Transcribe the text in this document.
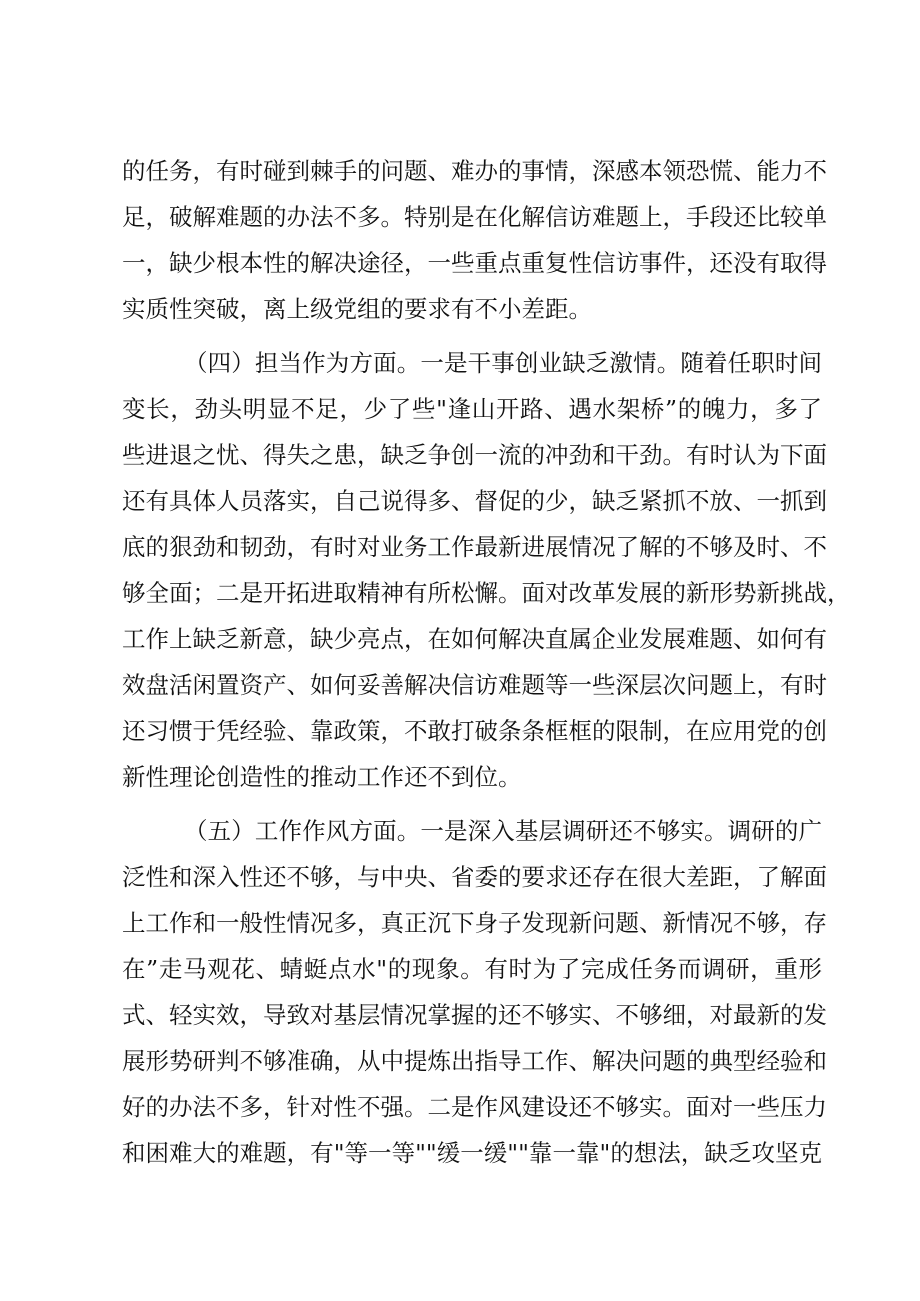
的任务，有时碰到棘手的问题、难办的事情，深感本领恐慌、能力不
足，破解难题的办法不多。特别是在化解信访难题上，手段还比较单
一，缺少根本性的解决途径，一些重点重复性信访事件，还没有取得
实质性突破，离上级党组的要求有不小差距。
（四）担当作为方面。一是干事创业缺乏激情。随着任职时间
变长，劲头明显不足，少了些"逢山开路、遇水架桥”的魄力，多了
些进退之忧、得失之患，缺乏争创一流的冲劲和干劲。有时认为下面
还有具体人员落实，自己说得多、督促的少，缺乏紧抓不放、一抓到
底的狠劲和韧劲，有时对业务工作最新进展情况了解的不够及时、不
够全面；二是开拓进取精神有所松懈。面对改革发展的新形势新挑战，
工作上缺乏新意，缺少亮点，在如何解决直属企业发展难题、如何有
效盘活闲置资产、如何妥善解决信访难题等一些深层次问题上，有时
还习惯于凭经验、靠政策，不敢打破条条框框的限制，在应用党的创
新性理论创造性的推动工作还不到位。
（五）工作作风方面。一是深入基层调研还不够实。调研的广
泛性和深入性还不够，与中央、省委的要求还存在很大差距，了解面
上工作和一般性情况多，真正沉下身子发现新问题、新情况不够，存
在”走马观花、蜻蜓点水"的现象。有时为了完成任务而调研，重形
式、轻实效，导致对基层情况掌握的还不够实、不够细，对最新的发
展形势研判不够准确，从中提炼出指导工作、解决问题的典型经验和
好的办法不多，针对性不强。二是作风建设还不够实。面对一些压力
和困难大的难题，有"等一等""缓一缓""靠一靠"的想法，缺乏攻坚克
